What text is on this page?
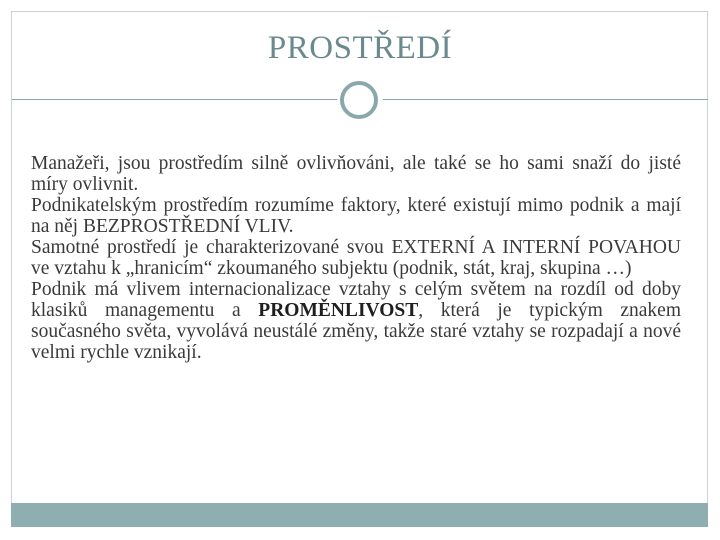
PROSTŘEDÍ

Manažeři, jsou prostředím silně ovlivňováni, ale také se ho sami snaží do jisté míry ovlivnit.

Podnikatelským prostředím rozumíme faktory, které existují mimo podnik a mají na něj BEZPROSTŘEDNÍ VLIV.

Samotné prostředí je charakterizované svou EXTERNÍ A INTERNÍ POVAHOU ve vztahu k „hranicím“ zkoumaného subjektu (podnik, stát, kraj, skupina …)

Podnik má vlivem internacionalizace vztahy s celým světem na rozdíl od doby klasiků managementu a PROMĚNLIVOST, která je typickým znakem současného světa, vyvolává neustálé změny, takže staré vztahy se rozpadají a nové velmi rychle vznikají.
